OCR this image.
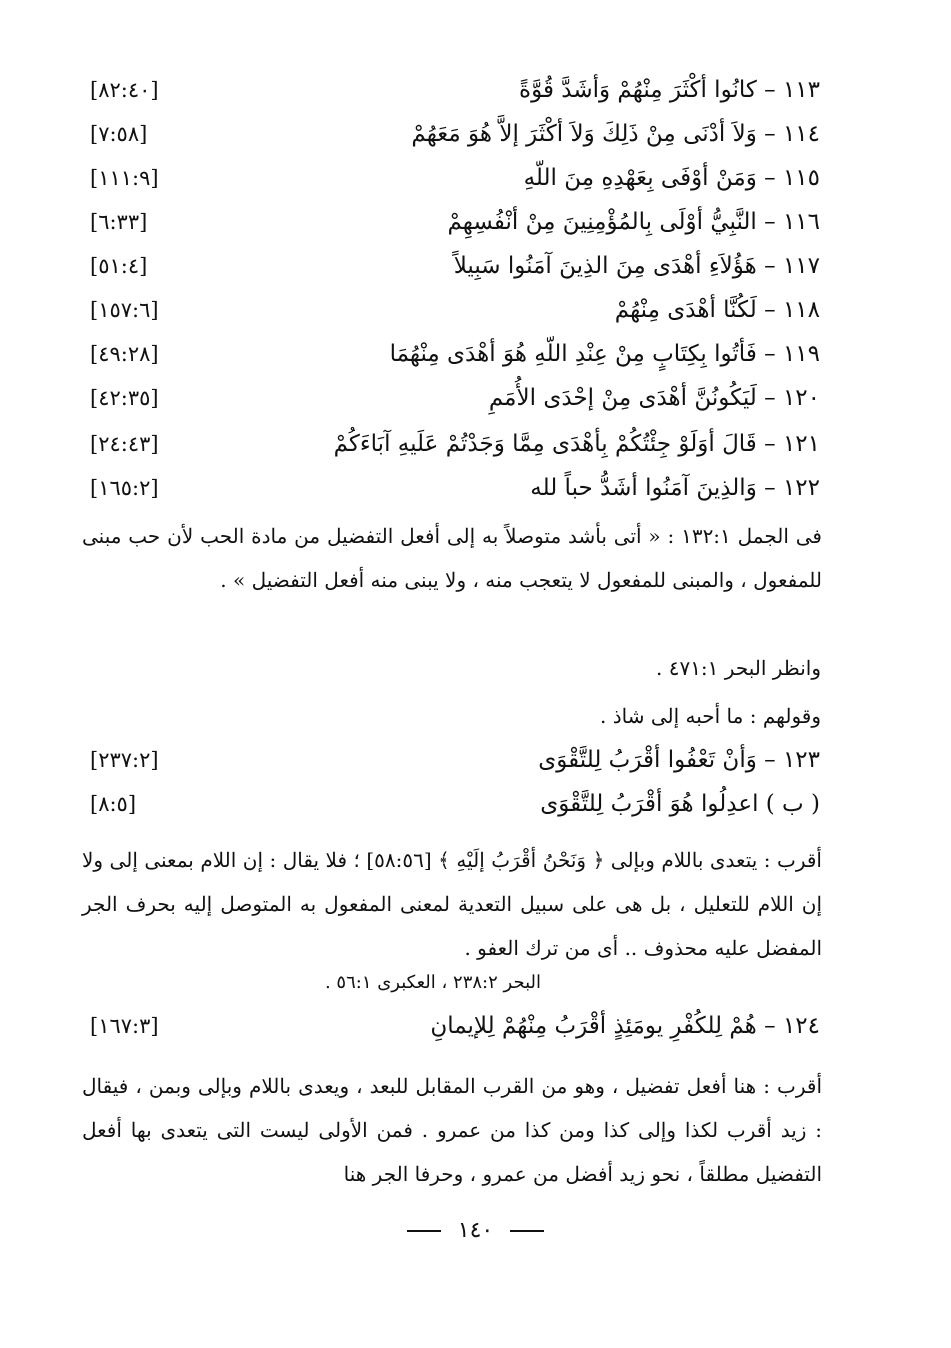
١١٣ – كانُوا أكْثَرَ مِنْهُمْ وَأشَدَّ قُوَّةً
[٨٢:٤٠]
١١٤ – وَلاَ أدْنَى مِنْ ذَلِكَ وَلاَ أكْثَرَ إلاَّ هُوَ مَعَهُمْ
[٧:٥٨]
١١٥ – وَمَنْ أوْفَى بِعَهْدِهِ مِنَ اللّهِ
[١١١:٩]
١١٦ – النَّبِيُّ أوْلَى بِالمُؤْمِنِينَ مِنْ أنْفُسِهِمْ
[٦:٣٣]
١١٧ – هَؤُلاَءِ أهْدَى مِنَ الذِينَ آمَنُوا سَبِيلاً
[٥١:٤]
١١٨ – لَكُنَّا أهْدَى مِنْهُمْ
[١٥٧:٦]
١١٩ – فَأتُوا بِكِتَابٍ مِنْ عِنْدِ اللّهِ هُوَ أهْدَى مِنْهُمَا
[٤٩:٢٨]
١٢٠ – لَيَكُونُنَّ أهْدَى مِنْ إحْدَى الأُمَمِ
[٤٢:٣٥]
١٢١ – قَالَ أوَلَوْ جِئْتُكُمْ بِأهْدَى مِمَّا وَجَدْتُمْ عَلَيهِ آبَاءَكُمْ
[٢٤:٤٣]
١٢٢ – وَالذِينَ آمَنُوا أشَدُّ حباً لله
[١٦٥:٢]
فى الجمل ١٣٢:١ : « أتى بأشد متوصلاً به إلى أفعل التفضيل من مادة الحب لأن حب مبنى للمفعول ، والمبنى للمفعول لا يتعجب منه ، ولا يبنى منه أفعل التفضيل » .
وانظر البحر ٤٧١:١ .
وقولهم : ما أحبه إلى شاذ .
١٢٣ – وَأنْ تَعْفُوا أقْرَبُ لِلتَّقْوَى
[٢٣٧:٢]
( ب ) اعدِلُوا هُوَ أقْرَبُ لِلتَّقْوَى
[٨:٥]
أقرب : يتعدى باللام وبإلى ﴿ وَنَحْنُ أقْرَبُ إلَيْهِ ﴾ [٥٨:٥٦] ؛ فلا يقال : إن اللام بمعنى إلى ولا إن اللام للتعليل ، بل هى على سبيل التعدية لمعنى المفعول به المتوصل إليه بحرف الجر المفضل عليه محذوف .. أى من ترك العفو .
البحر ٢٣٨:٢ ، العكبرى ٥٦:١ .
١٢٤ – هُمْ لِلكُفْرِ يومَئِذٍ أقْرَبُ مِنْهُمْ لِلإيمانِ
[١٦٧:٣]
أقرب : هنا أفعل تفضيل ، وهو من القرب المقابل للبعد ، ويعدى باللام وبإلى وبمن ، فيقال : زيد أقرب لكذا وإلى كذا ومن كذا من عمرو . فمن الأولى ليست التى يتعدى بها أفعل التفضيل مطلقاً ، نحو زيد أفضل من عمرو ، وحرفا الجر هنا
١٤٠
